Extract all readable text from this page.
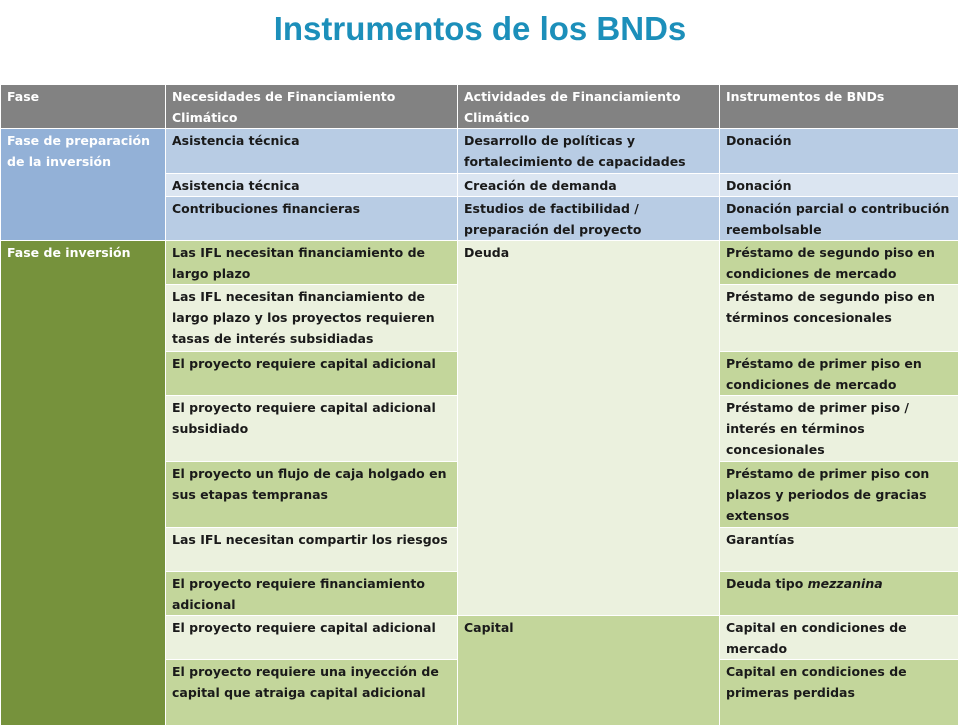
Instrumentos de los BNDs
Fase	Necesidades de Financiamiento Climático	Actividades de Financiamiento Climático	Instrumentos de BNDs
Fase de preparación de la inversión	Asistencia técnica	Desarrollo de políticas y fortalecimiento de capacidades	Donación
	Asistencia técnica	Creación de demanda	Donación
	Contribuciones financieras	Estudios de factibilidad / preparación del proyecto	Donación parcial o contribución reembolsable
Fase de inversión	Las IFL necesitan financiamiento de largo plazo	Deuda	Préstamo de segundo piso en condiciones de mercado
	Las IFL necesitan financiamiento de largo plazo y los proyectos requieren tasas de interés subsidiadas		Préstamo de segundo piso en términos concesionales
	El proyecto requiere capital adicional		Préstamo de primer piso en condiciones de mercado
	El proyecto requiere capital adicional subsidiado		Préstamo de primer piso / interés en términos concesionales
	El proyecto un flujo de caja holgado en sus etapas tempranas		Préstamo de primer piso con plazos y periodos de gracias extensos
	Las IFL necesitan compartir los riesgos		Garantías
	El proyecto requiere financiamiento adicional		Deuda tipo mezzanina
	El proyecto requiere capital adicional	Capital	Capital en condiciones de mercado
	El proyecto requiere una inyección de capital que atraiga capital adicional		Capital en condiciones de primeras perdidas
